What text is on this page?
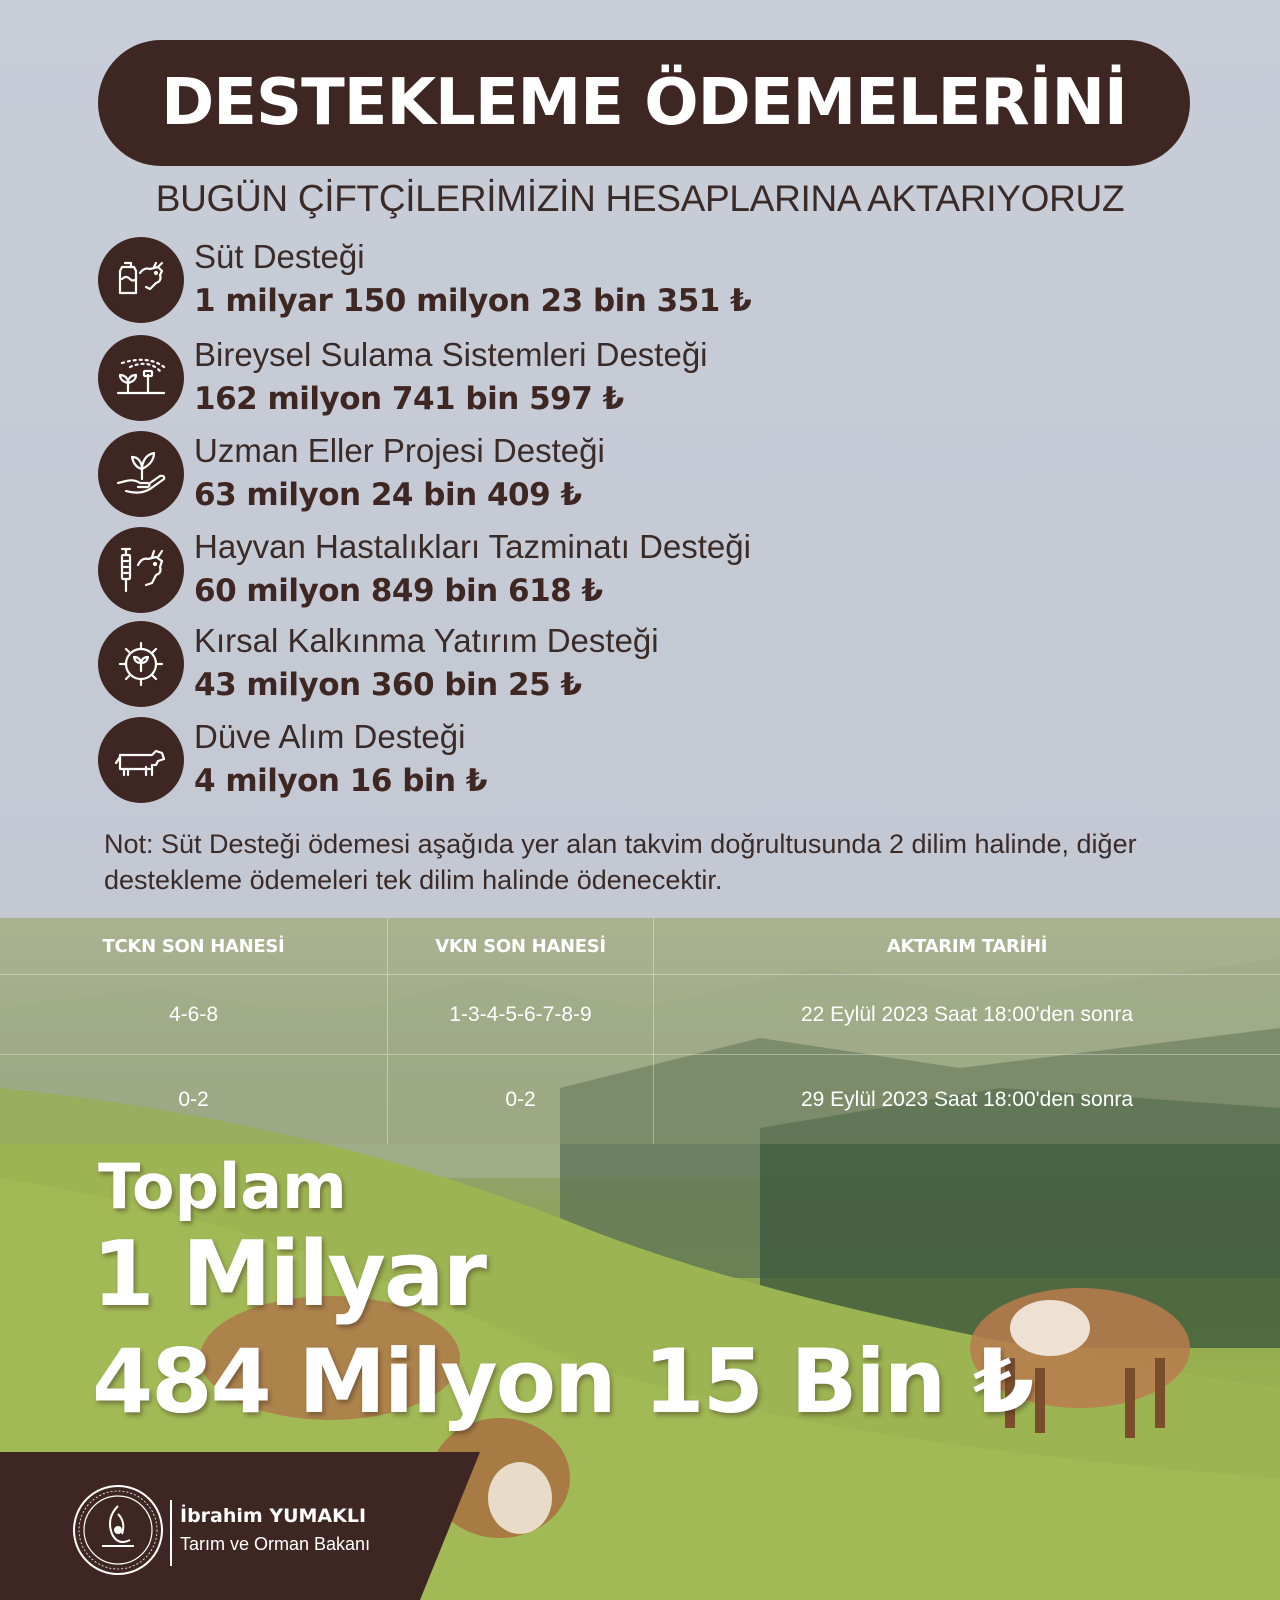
DESTEKLEME ÖDEMELERİNİ
BUGÜN ÇİFTÇİLERİMİZİN HESAPLARINA AKTARIYORUZ
Süt Desteği
1 milyar 150 milyon 23 bin 351 ₺
Bireysel Sulama Sistemleri Desteği
162 milyon 741 bin 597 ₺
Uzman Eller Projesi Desteği
63 milyon 24 bin 409 ₺
Hayvan Hastalıkları Tazminatı Desteği
60 milyon 849 bin 618 ₺
Kırsal Kalkınma Yatırım Desteği
43 milyon 360 bin 25 ₺
Düve Alım Desteği
4 milyon 16 bin ₺
Not: Süt Desteği ödemesi aşağıda yer alan takvim doğrultusunda 2 dilim halinde, diğer destekleme ödemeleri tek dilim halinde ödenecektir.
TCKN SON HANESİ	VKN SON HANESİ	AKTARIM TARİHİ
4-6-8	1-3-4-5-6-7-8-9	22 Eylül 2023 Saat 18:00'den sonra
0-2	0-2	29 Eylül 2023 Saat 18:00'den sonra
Toplam
1 Milyar
484 Milyon 15 Bin ₺
İbrahim YUMAKLI
Tarım ve Orman Bakanı
